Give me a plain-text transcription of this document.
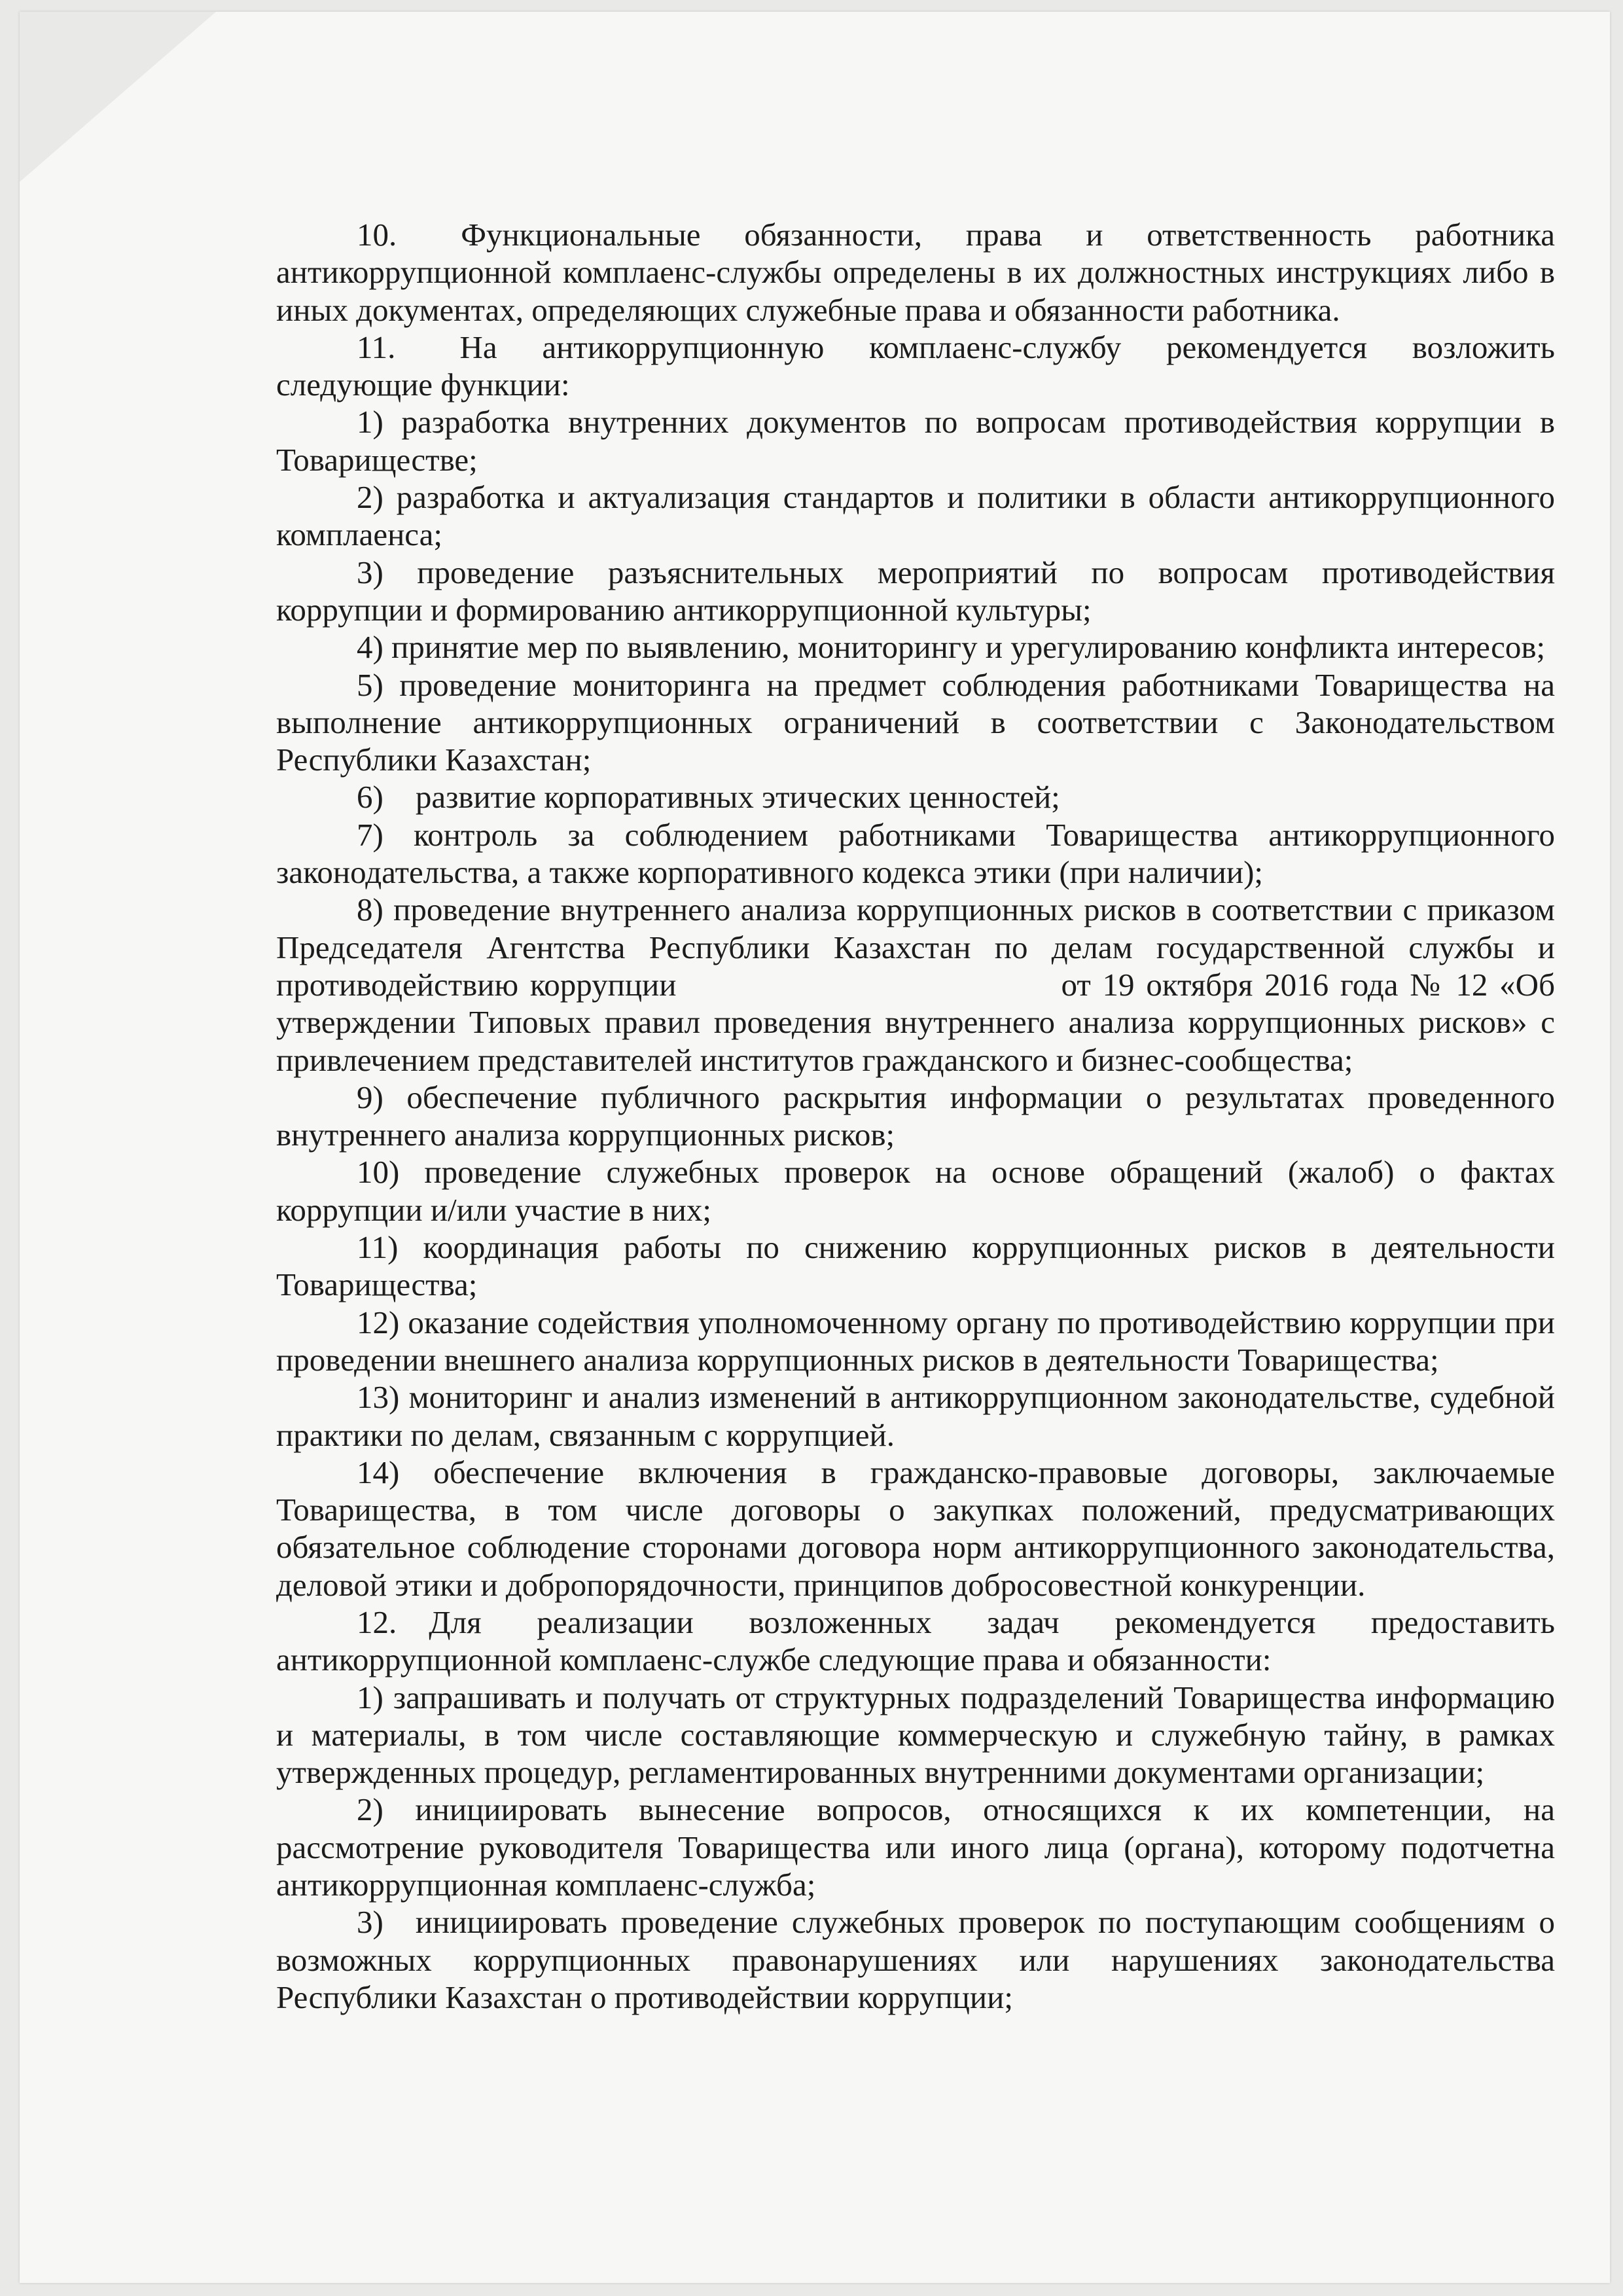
10.  Функциональные обязанности, права и ответственность работника антикоррупционной комплаенс-службы определены в их должностных инструкциях либо в иных документах, определяющих служебные права и обязанности работника.

11.  На антикоррупционную комплаенс-службу рекомендуется возложить следующие функции:

1) разработка внутренних документов по вопросам противодействия коррупции в Товариществе;

2) разработка и актуализация стандартов и политики в области антикоррупционного комплаенса;

3) проведение разъяснительных мероприятий по вопросам противодействия коррупции и формированию антикоррупционной культуры;

4) принятие мер по выявлению, мониторингу и урегулированию конфликта интересов;

5) проведение мониторинга на предмет соблюдения работниками Товарищества на выполнение антикоррупционных ограничений в соответствии с Законодательством Республики Казахстан;

6) развитие корпоративных этических ценностей;

7) контроль за соблюдением работниками Товарищества антикоррупционного законодательства, а также корпоративного кодекса этики (при наличии);

8) проведение внутреннего анализа коррупционных рисков в соответствии с приказом Председателя Агентства Республики Казахстан по делам государственной службы и противодействию коррупции            от 19 октября 2016 года № 12 «Об утверждении Типовых правил проведения внутреннего анализа коррупционных рисков» с привлечением представителей институтов гражданского и бизнес-сообщества;

9) обеспечение публичного раскрытия информации о результатах проведенного внутреннего анализа коррупционных рисков;

10) проведение служебных проверок на основе обращений (жалоб) о фактах коррупции и/или участие в них;

11) координация работы по снижению коррупционных рисков в деятельности Товарищества;

12) оказание содействия уполномоченному органу по противодействию коррупции при проведении внешнего анализа коррупционных рисков в деятельности Товарищества;

13) мониторинг и анализ изменений в антикоррупционном законодательстве, судебной практики по делам, связанным с коррупцией.

14) обеспечение включения в гражданско-правовые договоры, заключаемые Товарищества, в том числе договоры о закупках положений, предусматривающих обязательное соблюдение сторонами договора норм антикоррупционного законодательства, деловой этики и добропорядочности, принципов добросовестной конкуренции.

12. Для реализации возложенных задач рекомендуется предоставить антикоррупционной комплаенс-службе следующие права и обязанности:

1) запрашивать и получать от структурных подразделений Товарищества информацию и материалы, в том числе составляющие коммерческую и служебную тайну, в рамках утвержденных процедур, регламентированных внутренними документами организации;

2) инициировать вынесение вопросов, относящихся к их компетенции, на рассмотрение руководителя Товарищества или иного лица (органа), которому подотчетна антикоррупционная комплаенс-служба;

3) инициировать проведение служебных проверок по поступающим сообщениям о возможных коррупционных правонарушениях или нарушениях законодательства Республики Казахстан о противодействии коррупции;
